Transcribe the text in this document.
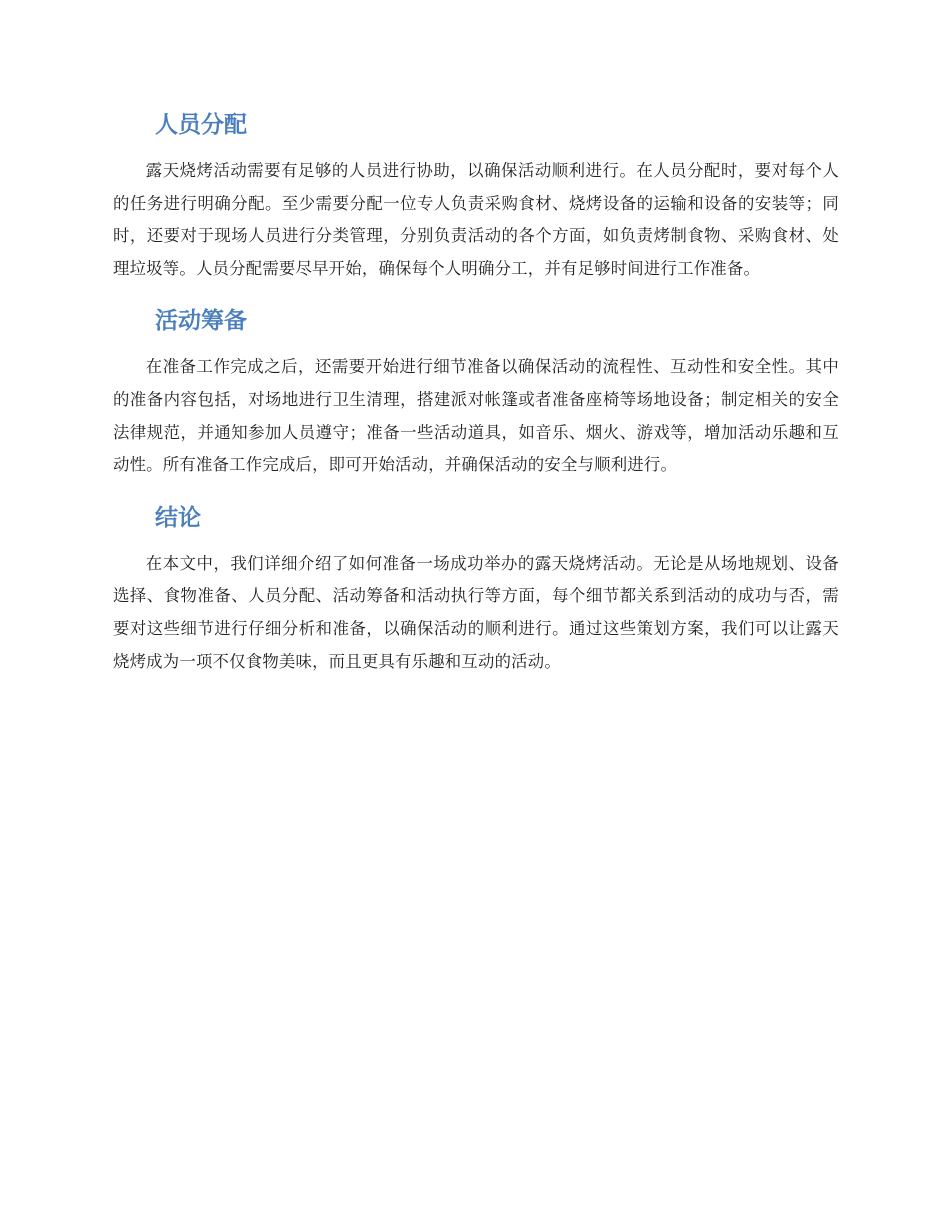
人员分配

露天烧烤活动需要有足够的人员进行协助，以确保活动顺利进行。在人员分配时，要对每个人的任务进行明确分配。至少需要分配一位专人负责采购食材、烧烤设备的运输和设备的安装等；同时，还要对于现场人员进行分类管理，分别负责活动的各个方面，如负责烤制食物、采购食材、处理垃圾等。人员分配需要尽早开始，确保每个人明确分工，并有足够时间进行工作准备。

活动筹备

在准备工作完成之后，还需要开始进行细节准备以确保活动的流程性、互动性和安全性。其中的准备内容包括，对场地进行卫生清理，搭建派对帐篷或者准备座椅等场地设备；制定相关的安全法律规范，并通知参加人员遵守；准备一些活动道具，如音乐、烟火、游戏等，增加活动乐趣和互动性。所有准备工作完成后，即可开始活动，并确保活动的安全与顺利进行。

结论

在本文中，我们详细介绍了如何准备一场成功举办的露天烧烤活动。无论是从场地规划、设备选择、食物准备、人员分配、活动筹备和活动执行等方面，每个细节都关系到活动的成功与否，需要对这些细节进行仔细分析和准备，以确保活动的顺利进行。通过这些策划方案，我们可以让露天烧烤成为一项不仅食物美味，而且更具有乐趣和互动的活动。
